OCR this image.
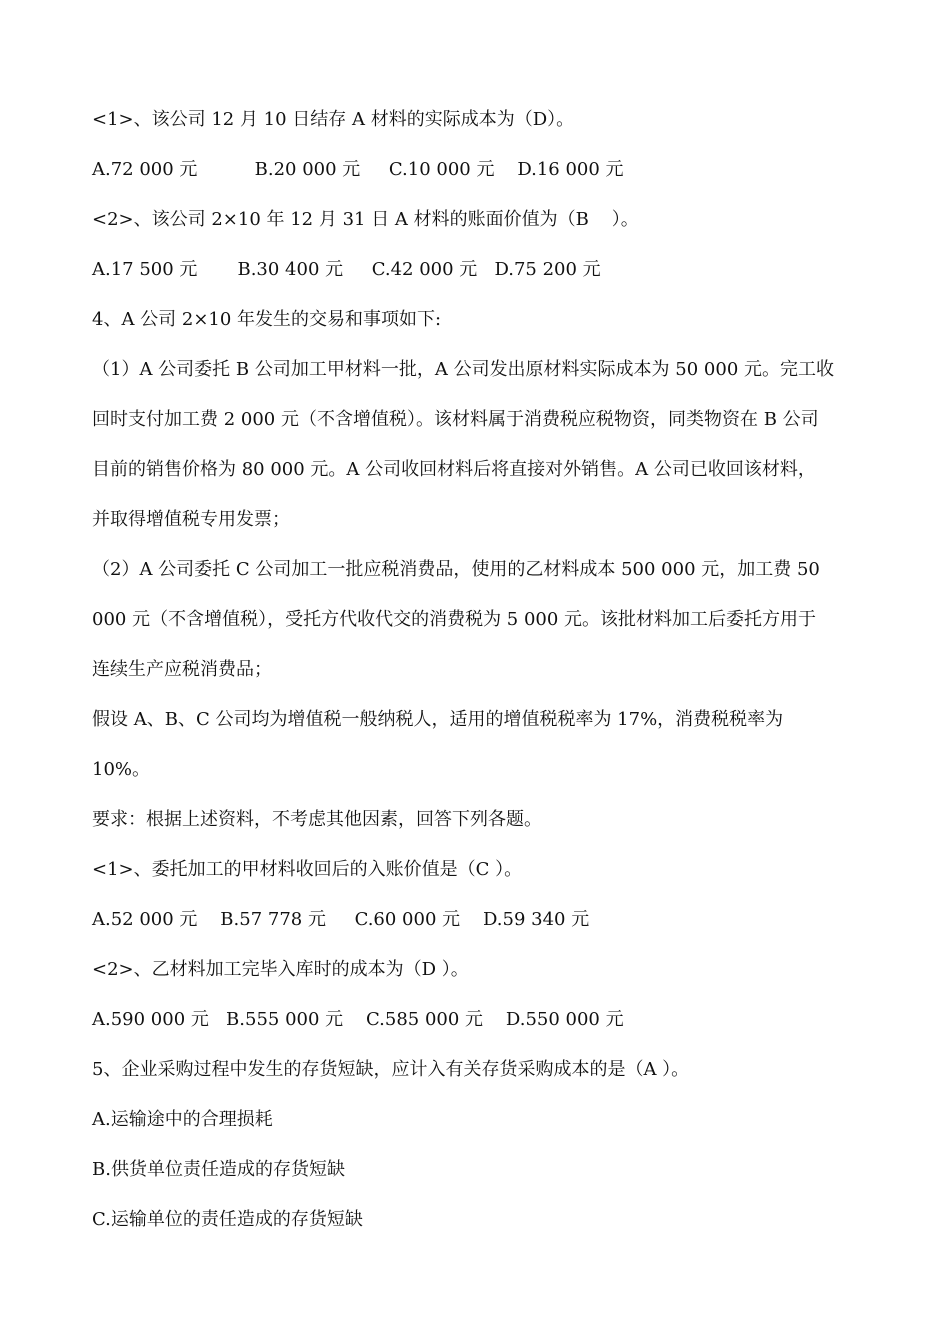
<1>、该公司 12 月 10 日结存 A 材料的实际成本为（D）。
A.72 000 元          B.20 000 元     C.10 000 元    D.16 000 元
<2>、该公司 2×10 年 12 月 31 日 A 材料的账面价值为（B    ）。
A.17 500 元       B.30 400 元     C.42 000 元   D.75 200 元
4、A 公司 2×10 年发生的交易和事项如下:
（1）A 公司委托 B 公司加工甲材料一批，A 公司发出原材料实际成本为 50 000 元。完工收
回时支付加工费 2 000 元（不含增值税）。该材料属于消费税应税物资，同类物资在 B 公司
目前的销售价格为 80 000 元。A 公司收回材料后将直接对外销售。A 公司已收回该材料，
并取得增值税专用发票；
（2）A 公司委托 C 公司加工一批应税消费品，使用的乙材料成本 500 000 元，加工费 50
000 元（不含增值税），受托方代收代交的消费税为 5 000 元。该批材料加工后委托方用于
连续生产应税消费品；
假设 A、B、C 公司均为增值税一般纳税人，适用的增值税税率为 17%，消费税税率为
10%。
要求：根据上述资料，不考虑其他因素，回答下列各题。
<1>、委托加工的甲材料收回后的入账价值是（C ）。
A.52 000 元    B.57 778 元     C.60 000 元    D.59 340 元
<2>、乙材料加工完毕入库时的成本为（D ）。
A.590 000 元   B.555 000 元    C.585 000 元    D.550 000 元
5、企业采购过程中发生的存货短缺，应计入有关存货采购成本的是（A ）。
A.运输途中的合理损耗
B.供货单位责任造成的存货短缺
C.运输单位的责任造成的存货短缺
